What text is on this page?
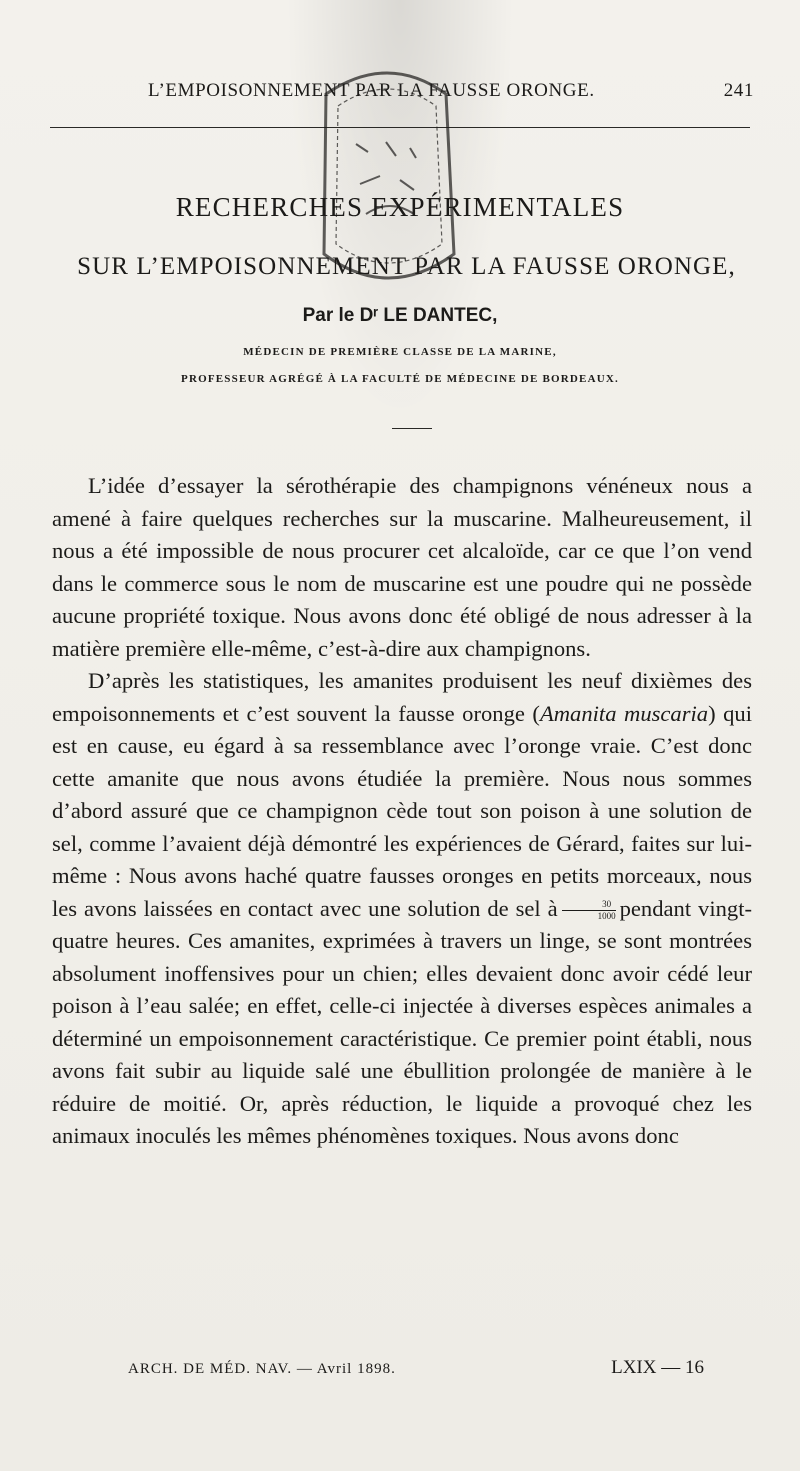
L’EMPOISONNEMENT PAR LA FAUSSE ORONGE.	241
RECHERCHES EXPÉRIMENTALES
SUR L’EMPOISONNEMENT PAR LA FAUSSE ORONGE,
Par le Dʳ LE DANTEC,
MÉDECIN DE PREMIÈRE CLASSE DE LA MARINE,
PROFESSEUR AGRÉGÉ À LA FACULTÉ DE MÉDECINE DE BORDEAUX.

L’idée d’essayer la sérothérapie des champignons vénéneux nous a amené à faire quelques recherches sur la muscarine. Malheureusement, il nous a été impossible de nous procurer cet alcaloïde, car ce que l’on vend dans le commerce sous le nom de muscarine est une poudre qui ne possède aucune propriété toxique. Nous avons donc été obligé de nous adresser à la matière première elle-même, c’est-à-dire aux champignons.

D’après les statistiques, les amanites produisent les neuf dixièmes des empoisonnements et c’est souvent la fausse oronge (Amanita muscaria) qui est en cause, eu égard à sa ressemblance avec l’oronge vraie. C’est donc cette amanite que nous avons étudiée la première. Nous nous sommes d’abord assuré que ce champignon cède tout son poison à une solution de sel, comme l’avaient déjà démontré les expériences de Gérard, faites sur lui-même : Nous avons haché quatre fausses oronges en petits morceaux, nous les avons laissées en contact avec une solution de sel à $\frac{30}{1000}$ pendant vingt-quatre heures. Ces amanites, exprimées à travers un linge, se sont montrées absolument inoffensives pour un chien; elles devaient donc avoir cédé leur poison à l’eau salée; en effet, celle-ci injectée à diverses espèces animales a déterminé un empoisonnement caractéristique. Ce premier point établi, nous avons fait subir au liquide salé une ébullition prolongée de manière à le réduire de moitié. Or, après réduction, le liquide a provoqué chez les animaux inoculés les mêmes phénomènes toxiques. Nous avons donc

ARCH. DE MÉD. NAV. — Avril 1898.	LXIX — 16
